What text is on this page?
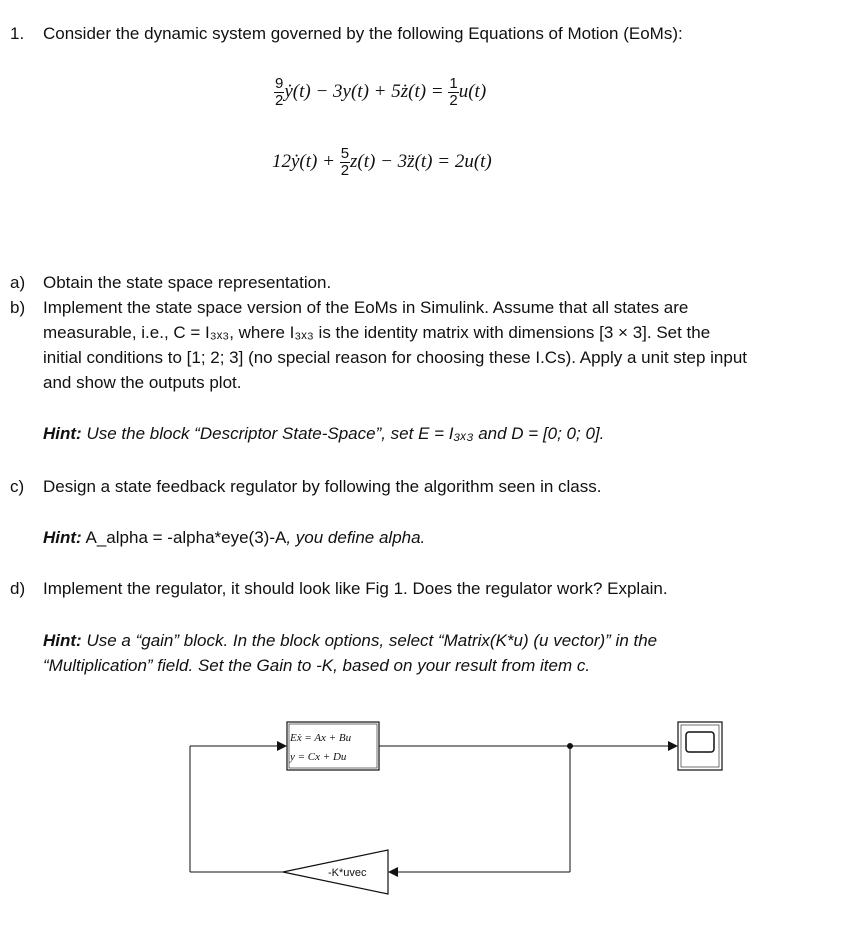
1. Consider the dynamic system governed by the following Equations of Motion (EoMs):
$\frac{9}{2}$ ẏ(t) − 3y(t) + 5ż(t) = $\frac{1}{2} u(t)$
12ẏ(t) + $\frac{5}{2} z(t)$ − 3z̈(t) = 2u(t)
a) Obtain the state space representation.
b) Implement the state space version of the EoMs in Simulink. Assume that all states are
measurable, i.e., C = I₃ₓ₃, where I₃ₓ₃ is the identity matrix with dimensions [3 × 3]. Set the
initial conditions to [1; 2; 3] (no special reason for choosing these I.Cs). Apply a unit step input
and show the outputs plot.
Hint: Use the block “Descriptor State-Space”, set E = I₃ₓ₃ and D = [0; 0; 0].
c) Design a state feedback regulator by following the algorithm seen in class.
Hint: A_alpha = -alpha*eye(3)-A, you define alpha.
d) Implement the regulator, it should look like Fig 1. Does the regulator work? Explain.
Hint: Use a “gain” block. In the block options, select “Matrix(K*u) (u vector)” in the
“Multiplication” field. Set the Gain to -K, based on your result from item c.
Eẋ = Ax + Bu
y = Cx + Du
-K*uvec
